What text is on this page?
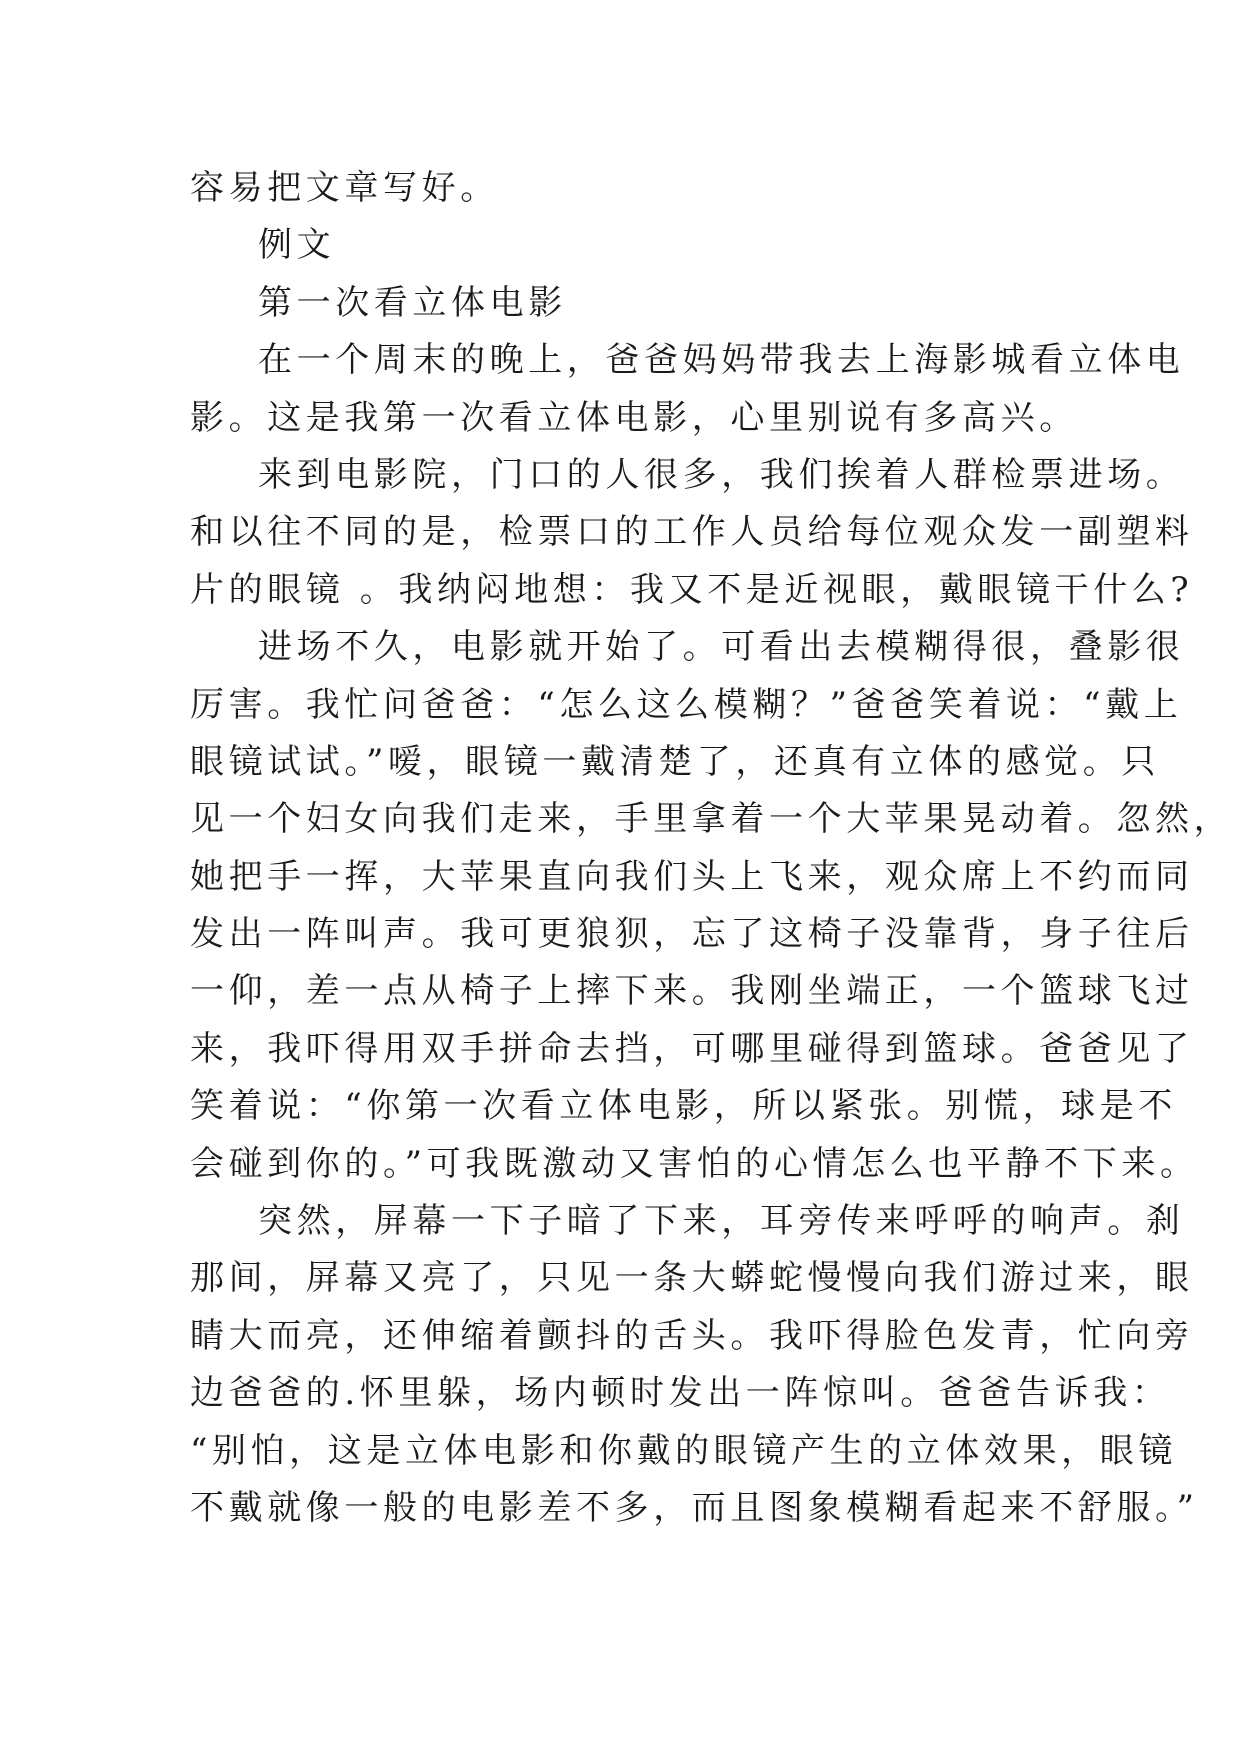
容易把文章写好。
例文
第一次看立体电影
在一个周末的晚上，爸爸妈妈带我去上海影城看立体电
影。这是我第一次看立体电影，心里别说有多高兴。
来到电影院，门口的人很多，我们挨着人群检票进场。
和以往不同的是，检票口的工作人员给每位观众发一副塑料
片的眼镜 。我纳闷地想：我又不是近视眼，戴眼镜干什么?
进场不久，电影就开始了。可看出去模糊得很，叠影很
厉害。我忙问爸爸：“怎么这么模糊？”爸爸笑着说：“戴上
眼镜试试。”嗳，眼镜一戴清楚了，还真有立体的感觉。只
见一个妇女向我们走来，手里拿着一个大苹果晃动着。忽然，
她把手一挥，大苹果直向我们头上飞来，观众席上不约而同
发出一阵叫声。我可更狼狈，忘了这椅子没靠背，身子往后
一仰，差一点从椅子上摔下来。我刚坐端正，一个篮球飞过
来，我吓得用双手拼命去挡，可哪里碰得到篮球。爸爸见了
笑着说：“你第一次看立体电影，所以紧张。别慌，球是不
会碰到你的。”可我既激动又害怕的心情怎么也平静不下来。
突然，屏幕一下子暗了下来，耳旁传来呼呼的响声。刹
那间，屏幕又亮了，只见一条大蟒蛇慢慢向我们游过来，眼
睛大而亮，还伸缩着颤抖的舌头。我吓得脸色发青，忙向旁
边爸爸的.怀里躲，场内顿时发出一阵惊叫。爸爸告诉我：
“别怕，这是立体电影和你戴的眼镜产生的立体效果，眼镜
不戴就像一般的电影差不多，而且图象模糊看起来不舒服。”
